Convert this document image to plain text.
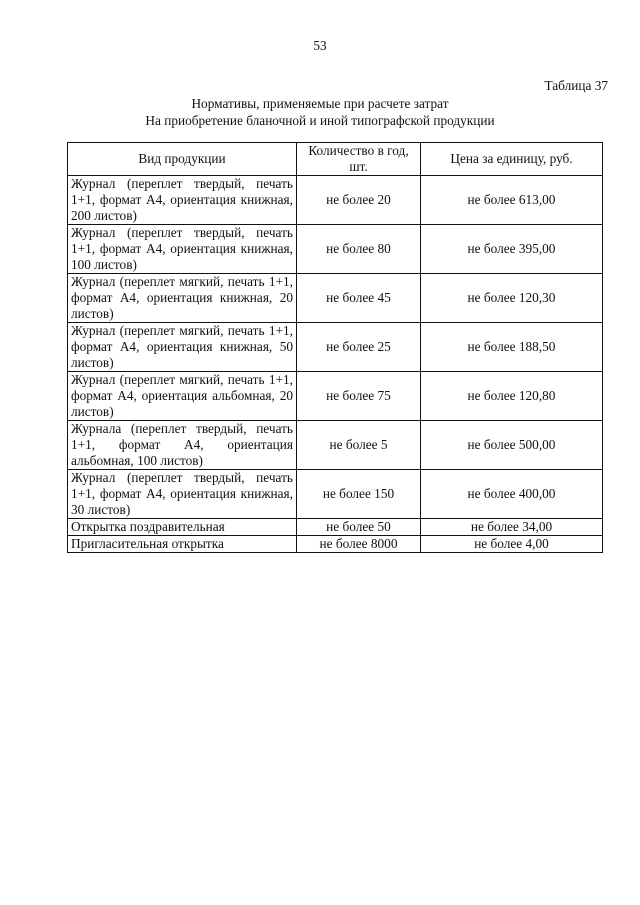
53
Таблица 37
Нормативы, применяемые при расчете затрат
На приобретение бланочной и иной типографской продукции
Вид продукции	Количество в год, шт.	Цена за единицу, руб.
Журнал (переплет твердый, печать 1+1, формат А4, ориентация книжная, 200 листов)	не более 20	не более 613,00
Журнал (переплет твердый, печать 1+1, формат А4, ориентация книжная, 100 листов)	не более 80	не более 395,00
Журнал (переплет мягкий, печать 1+1, формат А4, ориентация книжная, 20 листов)	не более 45	не более 120,30
Журнал (переплет мягкий, печать 1+1, формат А4, ориентация книжная, 50 листов)	не более 25	не более 188,50
Журнал (переплет мягкий, печать 1+1, формат А4, ориентация альбомная, 20 листов)	не более 75	не более 120,80
Журнала (переплет твердый, печать 1+1, формат А4, ориентация альбомная, 100 листов)	не более 5	не более 500,00
Журнал (переплет твердый, печать 1+1, формат А4, ориентация книжная, 30 листов)	не более 150	не более 400,00
Открытка поздравительная	не более 50	не более 34,00
Пригласительная открытка	не более 8000	не более 4,00
